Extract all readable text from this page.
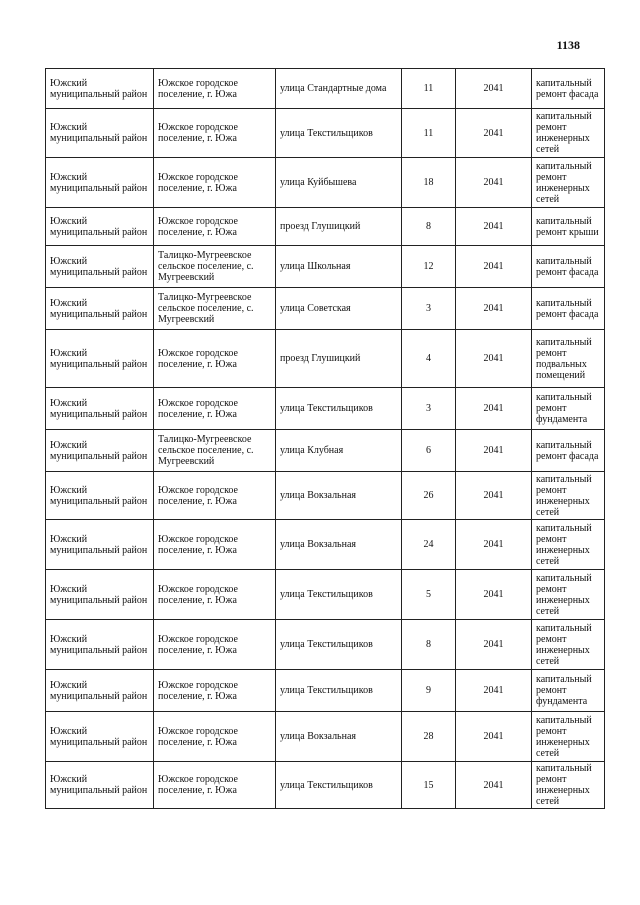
1138
Южский муниципальный район	Южское городское поселение, г. Южа	улица Стандартные дома	11	2041	капитальный ремонт фасада
Южский муниципальный район	Южское городское поселение, г. Южа	улица Текстильщиков	11	2041	капитальный ремонт инженерных сетей
Южский муниципальный район	Южское городское поселение, г. Южа	улица Куйбышева	18	2041	капитальный ремонт инженерных сетей
Южский муниципальный район	Южское городское поселение, г. Южа	проезд Глушицкий	8	2041	капитальный ремонт крыши
Южский муниципальный район	Талицко-Мугреевское сельское поселение, с. Мугреевский	улица Школьная	12	2041	капитальный ремонт фасада
Южский муниципальный район	Талицко-Мугреевское сельское поселение, с. Мугреевский	улица Советская	3	2041	капитальный ремонт фасада
Южский муниципальный район	Южское городское поселение, г. Южа	проезд Глушицкий	4	2041	капитальный ремонт подвальных помещений
Южский муниципальный район	Южское городское поселение, г. Южа	улица Текстильщиков	3	2041	капитальный ремонт фундамента
Южский муниципальный район	Талицко-Мугреевское сельское поселение, с. Мугреевский	улица Клубная	6	2041	капитальный ремонт фасада
Южский муниципальный район	Южское городское поселение, г. Южа	улица Вокзальная	26	2041	капитальный ремонт инженерных сетей
Южский муниципальный район	Южское городское поселение, г. Южа	улица Вокзальная	24	2041	капитальный ремонт инженерных сетей
Южский муниципальный район	Южское городское поселение, г. Южа	улица Текстильщиков	5	2041	капитальный ремонт инженерных сетей
Южский муниципальный район	Южское городское поселение, г. Южа	улица Текстильщиков	8	2041	капитальный ремонт инженерных сетей
Южский муниципальный район	Южское городское поселение, г. Южа	улица Текстильщиков	9	2041	капитальный ремонт фундамента
Южский муниципальный район	Южское городское поселение, г. Южа	улица Вокзальная	28	2041	капитальный ремонт инженерных сетей
Южский муниципальный район	Южское городское поселение, г. Южа	улица Текстильщиков	15	2041	капитальный ремонт инженерных сетей
